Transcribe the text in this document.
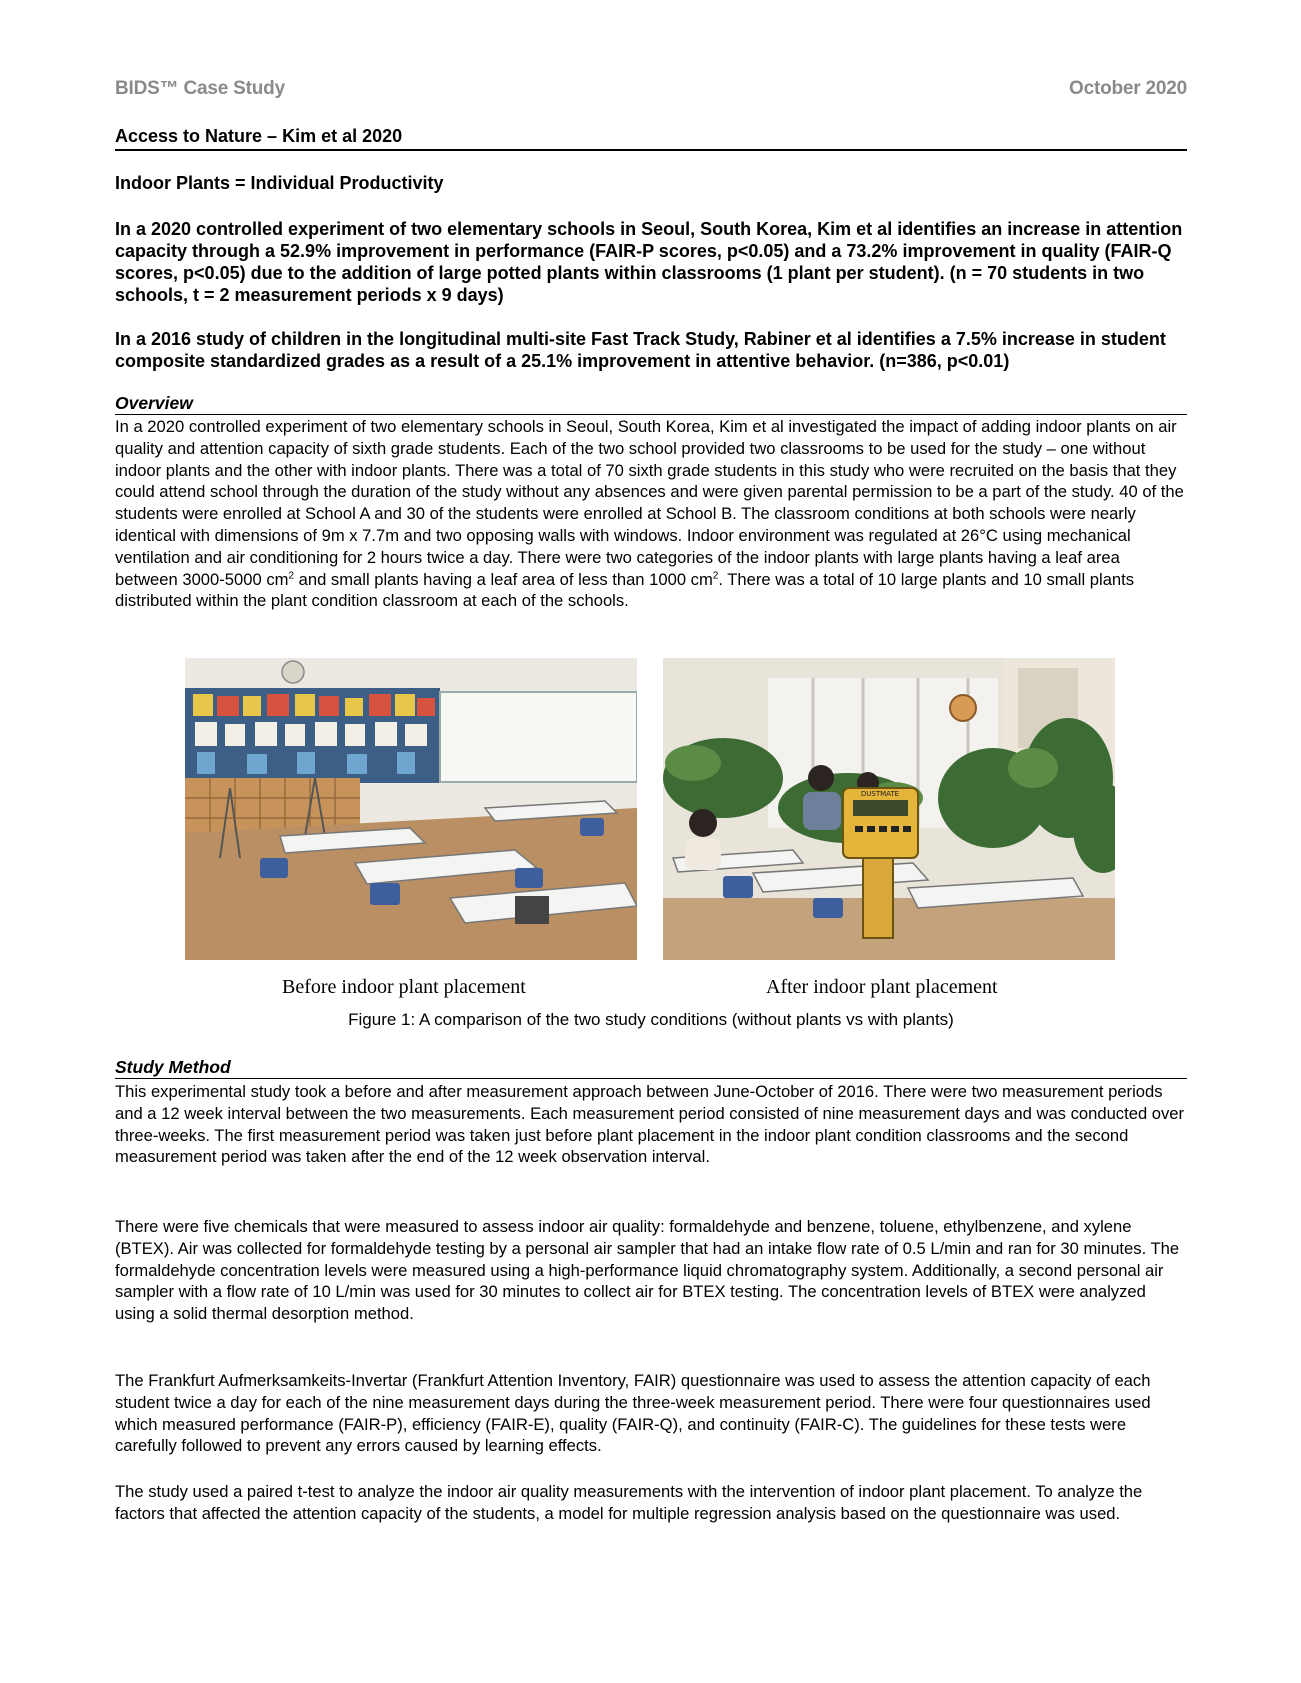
BIDS™ Case Study	October 2020
Access to Nature – Kim et al 2020
Indoor Plants = Individual Productivity
In a 2020 controlled experiment of two elementary schools in Seoul, South Korea, Kim et al identifies an increase in attention capacity through a 52.9% improvement in performance (FAIR-P scores, p<0.05) and a 73.2% improvement in quality (FAIR-Q scores, p<0.05) due to the addition of large potted plants within classrooms (1 plant per student). (n = 70 students in two schools, t = 2 measurement periods x 9 days)
In a 2016 study of children in the longitudinal multi-site Fast Track Study, Rabiner et al identifies a 7.5% increase in student composite standardized grades as a result of a 25.1% improvement in attentive behavior. (n=386, p<0.01)
Overview
In a 2020 controlled experiment of two elementary schools in Seoul, South Korea, Kim et al investigated the impact of adding indoor plants on air quality and attention capacity of sixth grade students. Each of the two school provided two classrooms to be used for the study – one without indoor plants and the other with indoor plants. There was a total of 70 sixth grade students in this study who were recruited on the basis that they could attend school through the duration of the study without any absences and were given parental permission to be a part of the study. 40 of the students were enrolled at School A and 30 of the students were enrolled at School B. The classroom conditions at both schools were nearly identical with dimensions of 9m x 7.7m and two opposing walls with windows. Indoor environment was regulated at 26°C using mechanical ventilation and air conditioning for 2 hours twice a day. There were two categories of the indoor plants with large plants having a leaf area between 3000-5000 $cm^2$ and small plants having a leaf area of less than 1000 $cm^2$. There was a total of 10 large plants and 10 small plants distributed within the plant condition classroom at each of the schools.
DUSTMATE
Before indoor plant placement	After indoor plant placement
Figure 1: A comparison of the two study conditions (without plants vs with plants)
Study Method
This experimental study took a before and after measurement approach between June-October of 2016. There were two measurement periods and a 12 week interval between the two measurements. Each measurement period consisted of nine measurement days and was conducted over three-weeks. The first measurement period was taken just before plant placement in the indoor plant condition classrooms and the second measurement period was taken after the end of the 12 week observation interval.
There were five chemicals that were measured to assess indoor air quality: formaldehyde and benzene, toluene, ethylbenzene, and xylene (BTEX). Air was collected for formaldehyde testing by a personal air sampler that had an intake flow rate of 0.5 L/min and ran for 30 minutes. The formaldehyde concentration levels were measured using a high-performance liquid chromatography system. Additionally, a second personal air sampler with a flow rate of 10 L/min was used for 30 minutes to collect air for BTEX testing. The concentration levels of BTEX were analyzed using a solid thermal desorption method.
The Frankfurt Aufmerksamkeits-Invertar (Frankfurt Attention Inventory, FAIR) questionnaire was used to assess the attention capacity of each student twice a day for each of the nine measurement days during the three-week measurement period. There were four questionnaires used which measured performance (FAIR-P), efficiency (FAIR-E), quality (FAIR-Q), and continuity (FAIR-C). The guidelines for these tests were carefully followed to prevent any errors caused by learning effects.
The study used a paired t-test to analyze the indoor air quality measurements with the intervention of indoor plant placement. To analyze the factors that affected the attention capacity of the students, a model for multiple regression analysis based on the questionnaire was used.
